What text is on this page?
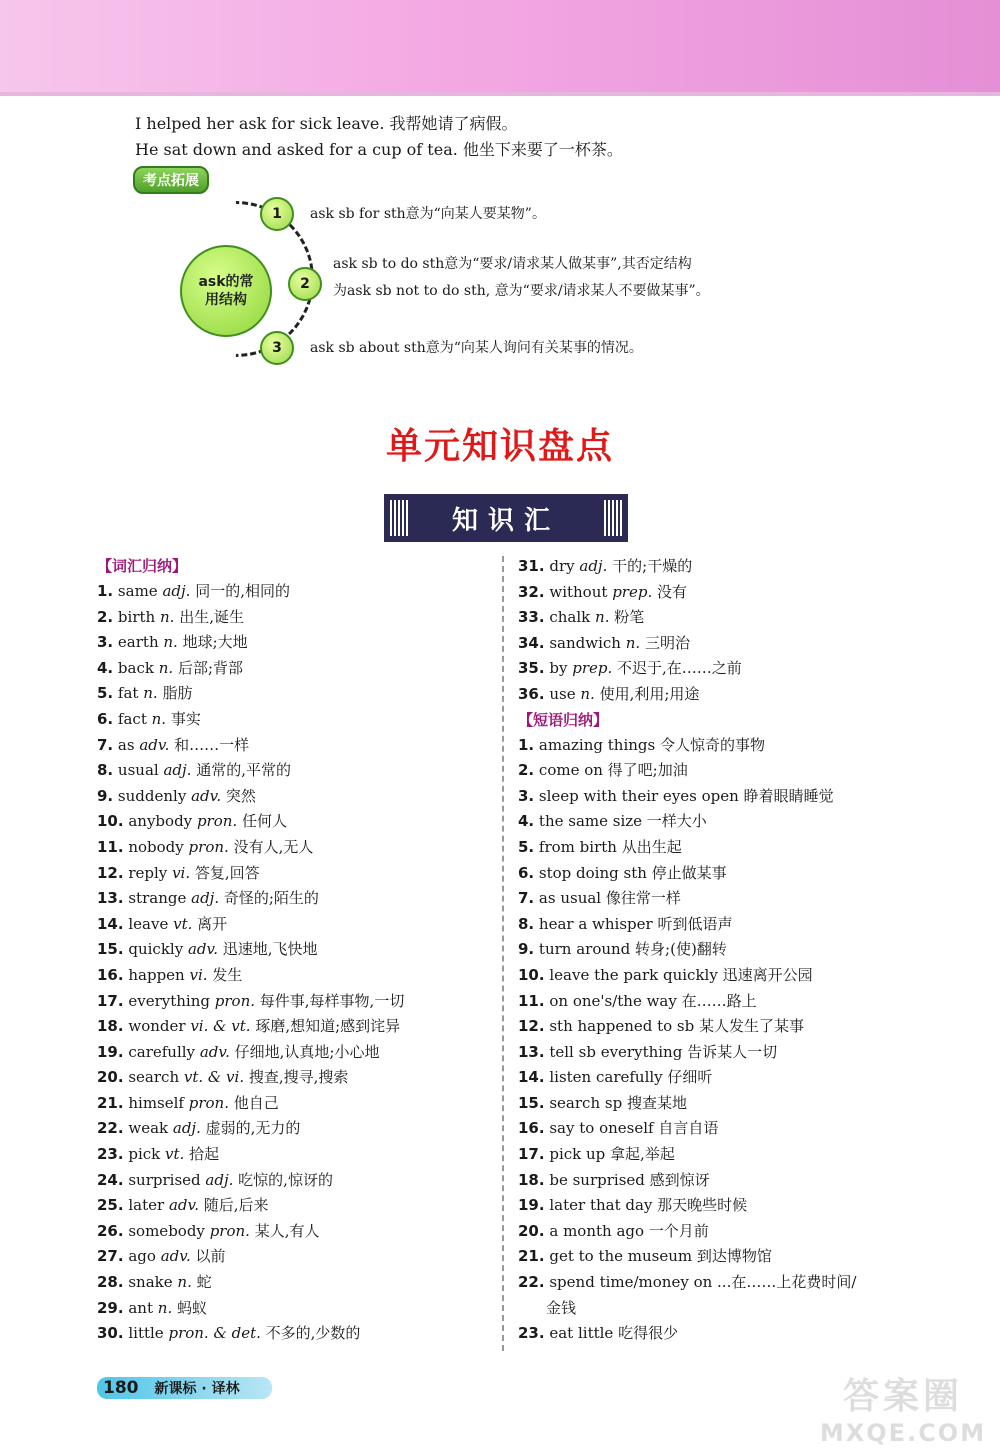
I helped her ask for sick leave. 我帮她请了病假。
He sat down and asked for a cup of tea. 他坐下来要了一杯茶。
考点拓展
ask的常用结构
1	ask sb for sth意为“向某人要某物”。
2
ask sb to do sth意为“要求/请求某人做某事”,其否定结构
为ask sb not to do sth, 意为“要求/请求某人不要做某事”。
3	ask sb about sth意为“向某人询问有关某事的情况。
单元知识盘点
知识汇
【词汇归纳】
1. same adj. 同一的,相同的
2. birth n. 出生,诞生
3. earth n. 地球;大地
4. back n. 后部;背部
5. fat n. 脂肪
6. fact n. 事实
7. as adv. 和……一样
8. usual adj. 通常的,平常的
9. suddenly adv. 突然
10. anybody pron. 任何人
11. nobody pron. 没有人,无人
12. reply vi. 答复,回答
13. strange adj. 奇怪的;陌生的
14. leave vt. 离开
15. quickly adv. 迅速地,飞快地
16. happen vi. 发生
17. everything pron. 每件事,每样事物,一切
18. wonder vi. & vt. 琢磨,想知道;感到诧异
19. carefully adv. 仔细地,认真地;小心地
20. search vt. & vi. 搜查,搜寻,搜索
21. himself pron. 他自己
22. weak adj. 虚弱的,无力的
23. pick vt. 拾起
24. surprised adj. 吃惊的,惊讶的
25. later adv. 随后,后来
26. somebody pron. 某人,有人
27. ago adv. 以前
28. snake n. 蛇
29. ant n. 蚂蚁
30. little pron. & det. 不多的,少数的
31. dry adj. 干的;干燥的
32. without prep. 没有
33. chalk n. 粉笔
34. sandwich n. 三明治
35. by prep. 不迟于,在……之前
36. use n. 使用,利用;用途
【短语归纳】
1. amazing things 令人惊奇的事物
2. come on 得了吧;加油
3. sleep with their eyes open 睁着眼睛睡觉
4. the same size 一样大小
5. from birth 从出生起
6. stop doing sth 停止做某事
7. as usual 像往常一样
8. hear a whisper 听到低语声
9. turn around 转身;(使)翻转
10. leave the park quickly 迅速离开公园
11. on one's/the way 在……路上
12. sth happened to sb 某人发生了某事
13. tell sb everything 告诉某人一切
14. listen carefully 仔细听
15. search sp 搜查某地
16. say to oneself 自言自语
17. pick up 拿起,举起
18. be surprised 感到惊讶
19. later that day 那天晚些时候
20. a month ago 一个月前
21. get to the museum 到达博物馆
22. spend time/money on ...在……上花费时间/
金钱
23. eat little 吃得很少
180 新课标 · 译林	答案圈
MXQE.COM
